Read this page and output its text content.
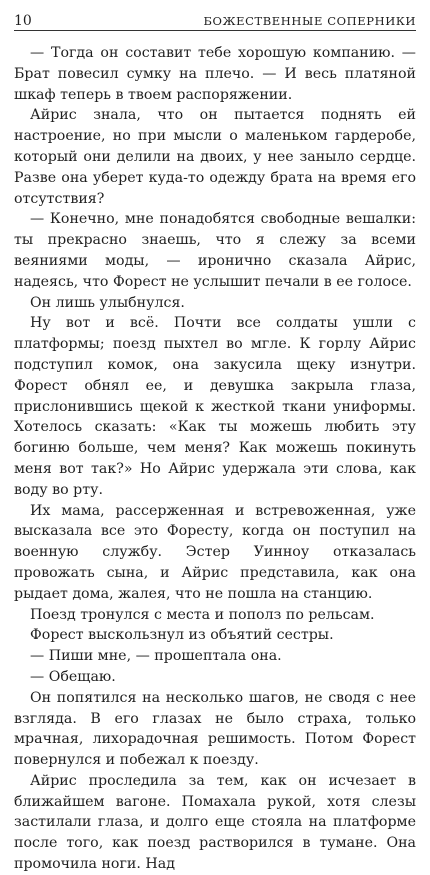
10	БОЖЕСТВЕННЫЕ СОПЕРНИКИ

— Тогда он составит тебе хорошую компанию. — Брат повесил сумку на плечо. — И весь платяной шкаф теперь в твоем распоряжении.

Айрис знала, что он пытается поднять ей настроение, но при мысли о маленьком гардеробе, который они делили на двоих, у нее заныло сердце. Разве она уберет куда-то одежду брата на время его отсутствия?

— Конечно, мне понадобятся свободные вешалки: ты прекрасно знаешь, что я слежу за всеми веяниями моды, — иронично сказала Айрис, надеясь, что Форест не услышит печали в ее голосе.

Он лишь улыбнулся.

Ну вот и всё. Почти все солдаты ушли с платформы; поезд пыхтел во мгле. К горлу Айрис подступил комок, она закусила щеку изнутри. Форест обнял ее, и девушка закрыла глаза, прислонившись щекой к жесткой ткани униформы. Хотелось сказать: «Как ты можешь любить эту богиню больше, чем меня? Как можешь покинуть меня вот так?» Но Айрис удержала эти слова, как воду во рту.

Их мама, рассерженная и встревоженная, уже высказала все это Форесту, когда он поступил на военную службу. Эстер Уинноу отказалась провожать сына, и Айрис представила, как она рыдает дома, жалея, что не пошла на станцию.

Поезд тронулся с места и пополз по рельсам.

Форест выскользнул из объятий сестры.

— Пиши мне, — прошептала она.

— Обещаю.

Он попятился на несколько шагов, не сводя с нее взгляда. В его глазах не было страха, только мрачная, лихорадочная решимость. Потом Форест повернулся и побежал к поезду.

Айрис проследила за тем, как он исчезает в ближайшем вагоне. Помахала рукой, хотя слезы застилали глаза, и долго еще стояла на платформе после того, как поезд растворился в тумане. Она промочила ноги. Над
